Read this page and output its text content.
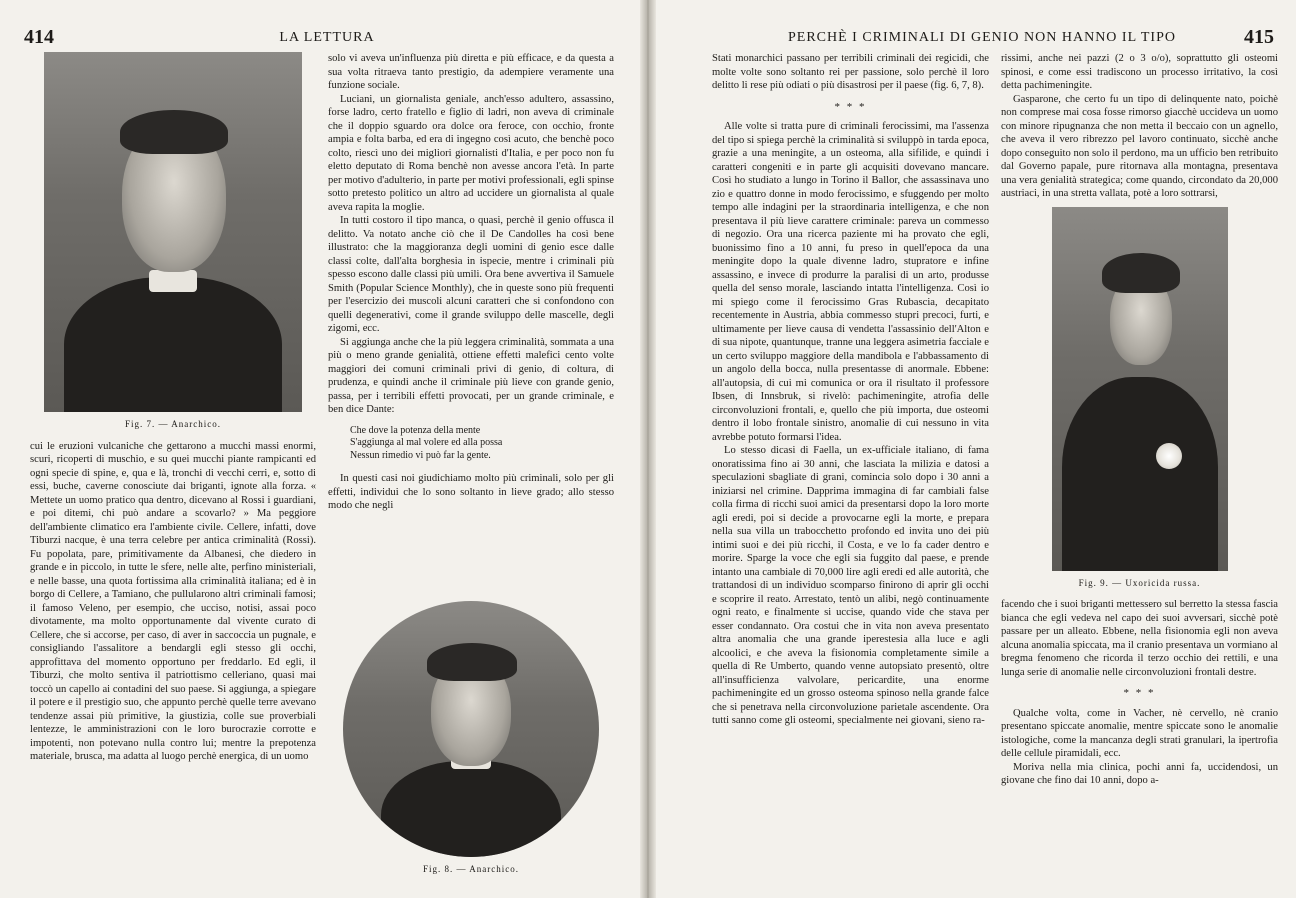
414	LA LETTURA
Fig. 7. — Anarchico.

cui le eruzioni vulcaniche che gettarono a mucchi massi enormi, scuri, ricoperti di muschio, e su quei mucchi piante rampicanti ed ogni specie di spine, e, qua e là, tronchi di vecchi cerri, e, sotto di essi, buche, caverne conosciute dai briganti, ignote alla forza. « Mettete un uomo pratico qua dentro, dicevano al Rossi i guardiani, e poi ditemi, chi può andare a scovarlo? » Ma peggiore dell'ambiente climatico era l'ambiente civile. Cellere, infatti, dove Tiburzi nacque, è una terra celebre per antica criminalità (Rossi). Fu popolata, pare, primitivamente da Albanesi, che diedero in grande e in piccolo, in tutte le sfere, nelle alte, perfino ministeriali, e nelle basse, una quota fortissima alla criminalità italiana; ed è in borgo di Cellere, a Tamiano, che pullularono altri criminali famosi; il famoso Veleno, per esempio, che ucciso, notisi, assai poco divotamente, ma molto opportunamente dal vivente curato di Cellere, che si accorse, per caso, di aver in saccoccia un pugnale, e consigliando l'assalitore a bendargli egli stesso gli occhi, approfittava del momento opportuno per freddarlo. Ed egli, il Tiburzi, che molto sentiva il patriottismo celleriano, quasi mai toccò un capello ai contadini del suo paese. Si aggiunga, a spiegare il potere e il prestigio suo, che appunto perchè quelle terre avevano tendenze assai più primitive, la giustizia, colle sue proverbiali lentezze, le amministrazioni con le loro burocrazie corrotte e impotenti, non potevano nulla contro lui; mentre la prepotenza materiale, brusca, ma adatta al luogo perchè energica, di un uomo

solo vi aveva un'influenza più diretta e più efficace, e da questa a sua volta ritraeva tanto prestigio, da adempiere veramente una funzione sociale.

Luciani, un giornalista geniale, anch'esso adultero, assassino, forse ladro, certo fratello e figlio di ladri, non aveva di criminale che il doppio sguardo ora dolce ora feroce, con occhio, fronte ampia e folta barba, ed era di ingegno così acuto, che benchè poco colto, riescì uno dei migliori giornalisti d'Italia, e per poco non fu eletto deputato di Roma benchè non avesse ancora l'età. In parte per motivo d'adulterio, in parte per motivi professionali, egli spinse sotto pretesto politico un altro ad uccidere un giornalista al quale aveva rapita la moglie.

In tutti costoro il tipo manca, o quasi, perchè il genio offusca il delitto. Va notato anche ciò che il De Candolles ha così bene illustrato: che la maggioranza degli uomini di genio esce dalle classi colte, dall'alta borghesia in ispecie, mentre i criminali più spesso escono dalle classi più umili. Ora bene avvertiva il Samuele Smith (Popular Science Monthly), che in queste sono più frequenti per l'esercizio dei muscoli alcuni caratteri che si confondono con quelli degenerativi, come il grande sviluppo delle mascelle, degli zigomi, ecc.

Si aggiunga anche che la più leggera criminalità, sommata a una più o meno grande genialità, ottiene effetti malefici cento volte maggiori dei comuni criminali privi di genio, di coltura, di prudenza, e quindi anche il criminale più lieve con grande genio, passa, per i terribili effetti provocati, per un grande criminale, e ben dice Dante:

Che dove la potenza della mente
S'aggiunga al mal volere ed alla possa
Nessun rimedio vi può far la gente.

In questi casi noi giudichiamo molto più criminali, solo per gli effetti, individui che lo sono soltanto in lieve grado; allo stesso modo che negli

Fig. 8. — Anarchico.
PERCHÈ I CRIMINALI DI GENIO NON HANNO IL TIPO	415

Stati monarchici passano per terribili criminali dei regicidi, che molte volte sono soltanto rei per passione, solo perchè il loro delitto li rese più odiati o più disastrosi per il paese (fig. 6, 7, 8).

* * *

Alle volte si tratta pure di criminali ferocissimi, ma l'assenza del tipo si spiega perchè la criminalità si sviluppò in tarda epoca, grazie a una meningite, a un osteoma, alla sifilide, e quindi i caratteri congeniti e in parte gli acquisiti dovevano mancare. Così ho studiato a lungo in Torino il Ballor, che assassinava uno zio e quattro donne in modo ferocissimo, e sfuggendo per molto tempo alle indagini per la straordinaria intelligenza, e che non presentava il più lieve carattere criminale: pareva un commesso di negozio. Ora una ricerca paziente mi ha provato che egli, buonissimo fino a 10 anni, fu preso in quell'epoca da una meningite dopo la quale divenne ladro, stupratore e infine assassino, e invece di produrre la paralisi di un arto, produsse quella del senso morale, lasciando intatta l'intelligenza. Così io mi spiego come il ferocissimo Gras Rubascia, decapitato recentemente in Austria, abbia commesso stupri precoci, furti, e ultimamente per lieve causa di vendetta l'assassinio dell'Alton e di sua nipote, quantunque, tranne una leggera asimetria facciale e un certo sviluppo maggiore della mandibola e l'abbassamento di un angolo della bocca, nulla presentasse di anormale. Ebbene: all'autopsia, di cui mi comunica or ora il risultato il professore Ibsen, di Innsbruk, si rivelò: pachimeningite, atrofia delle circonvoluzioni frontali, e, quello che più importa, due osteomi dentro il lobo frontale sinistro, anomalie di cui nessuno in vita avrebbe potuto formarsi l'idea.

Lo stesso dicasi di Faella, un ex-ufficiale italiano, di fama onoratissima fino ai 30 anni, che lasciata la milizia e datosi a speculazioni sbagliate di grani, comincia solo dopo i 30 anni a iniziarsi nel crimine. Dapprima immagina di far cambiali false colla firma di ricchi suoi amici da presentarsi dopo la loro morte agli eredi, poi si decide a provocarne egli la morte, e prepara nella sua villa un trabocchetto profondo ed invita uno dei più intimi suoi e dei più ricchi, il Costa, e ve lo fa cader dentro e morire. Sparge la voce che egli sia fuggito dal paese, e prende intanto una cambiale di 70,000 lire agli eredi ed alle autorità, che trattandosi di un individuo scomparso finirono di aprir gli occhi e scoprire il reato. Arrestato, tentò un alibi, negò continuamente ogni reato, e finalmente si uccise, quando vide che stava per esser condannato. Ora costui che in vita non aveva presentato altra anomalia che una grande iperestesia alla luce e agli alcoolici, e che aveva la fisionomia completamente simile a quella di Re Umberto, quando venne autopsiato presentò, oltre all'insufficienza valvolare, pericardite, una enorme pachimeningite ed un grosso osteoma spinoso nella grande falce che si penetrava nella circonvoluzione parietale ascendente. Ora tutti sanno come gli osteomi, specialmente nei giovani, sieno ra-

rissimi, anche nei pazzi (2 o 3 o/o), soprattutto gli osteomi spinosi, e come essi tradiscono un processo irritativo, la così detta pachimeningite.

Gasparone, che certo fu un tipo di delinquente nato, poichè non comprese mai cosa fosse rimorso giacchè uccideva un uomo con minore ripugnanza che non metta il beccaio con un agnello, che aveva il vero ribrezzo pel lavoro continuato, sicchè anche dopo conseguito non solo il perdono, ma un ufficio ben retribuito dal Governo papale, pure ritornava alla montagna, presentava una vera genialità strategica; come quando, circondato da 20,000 austriaci, in una stretta vallata, potè a loro sottrarsi,

Fig. 9. — Uxoricida russa.

facendo che i suoi briganti mettessero sul berretto la stessa fascia bianca che egli vedeva nel capo dei suoi avversari, sicchè potè passare per un alleato. Ebbene, nella fisionomia egli non aveva alcuna anomalia spiccata, ma il cranio presentava un vormiano al bregma fenomeno che ricorda il terzo occhio dei rettili, e una lunga serie di anomalie nelle circonvoluzioni frontali destre.

* * *

Qualche volta, come in Vacher, nè cervello, nè cranio presentano spiccate anomalie, mentre spiccate sono le anomalie istologiche, come la mancanza degli strati granulari, la ipertrofia delle cellule piramidali, ecc.

Moriva nella mia clinica, pochi anni fa, uccidendosi, un giovane che fino dai 10 anni, dopo a-
